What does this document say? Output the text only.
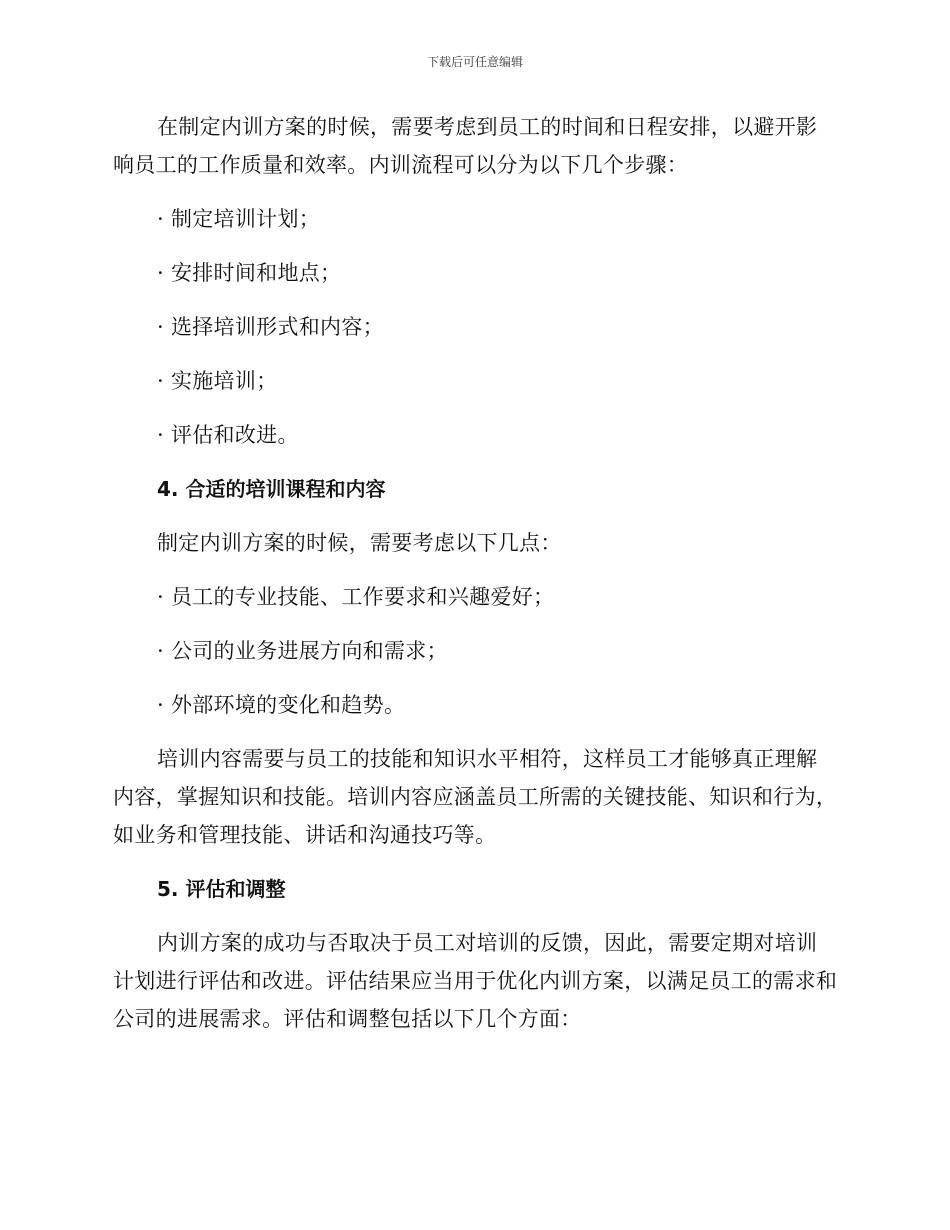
下载后可任意编辑

在制定内训方案的时候，需要考虑到员工的时间和日程安排，以避开影响员工的工作质量和效率。内训流程可以分为以下几个步骤：

· 制定培训计划；

· 安排时间和地点；

· 选择培训形式和内容；

· 实施培训；

· 评估和改进。

4. 合适的培训课程和内容

制定内训方案的时候，需要考虑以下几点：

· 员工的专业技能、工作要求和兴趣爱好；

· 公司的业务进展方向和需求；

· 外部环境的变化和趋势。

培训内容需要与员工的技能和知识水平相符，这样员工才能够真正理解内容，掌握知识和技能。培训内容应涵盖员工所需的关键技能、知识和行为，如业务和管理技能、讲话和沟通技巧等。

5. 评估和调整

内训方案的成功与否取决于员工对培训的反馈，因此，需要定期对培训计划进行评估和改进。评估结果应当用于优化内训方案，以满足员工的需求和公司的进展需求。评估和调整包括以下几个方面：
